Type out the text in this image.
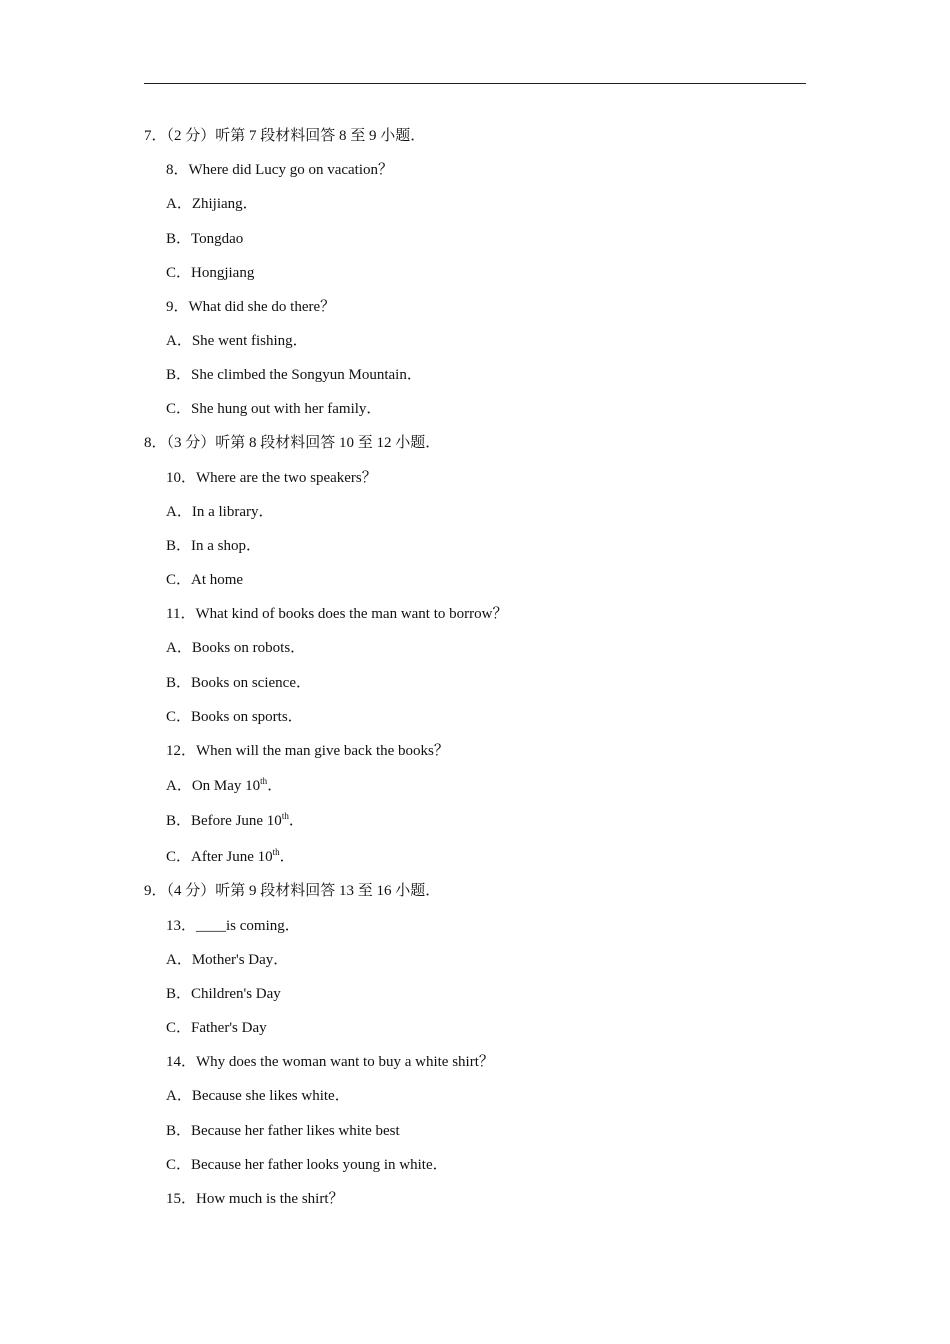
7．（2 分）听第 7 段材料回答 8 至 9 小题．
8．Where did Lucy go on vacation？
A．Zhijiang．
B．Tongdao
C．Hongjiang
9．What did she do there？
A．She went fishing．
B．She climbed the Songyun Mountain．
C．She hung out with her family．
8．（3 分）听第 8 段材料回答 10 至 12 小题．
10．Where are the two speakers？
A．In a library．
B．In a shop．
C．At home
11．What kind of books does the man want to borrow？
A．Books on robots．
B．Books on science．
C．Books on sports．
12．When will the man give back the books？
A．On May 10th．
B．Before June 10th．
C．After June 10th．
9．（4 分）听第 9 段材料回答 13 至 16 小题．
13．____is coming．
A．Mother's Day．
B．Children's Day
C．Father's Day
14．Why does the woman want to buy a white shirt？
A．Because she likes white．
B．Because her father likes white best
C．Because her father looks young in white．
15．How much is the shirt？
